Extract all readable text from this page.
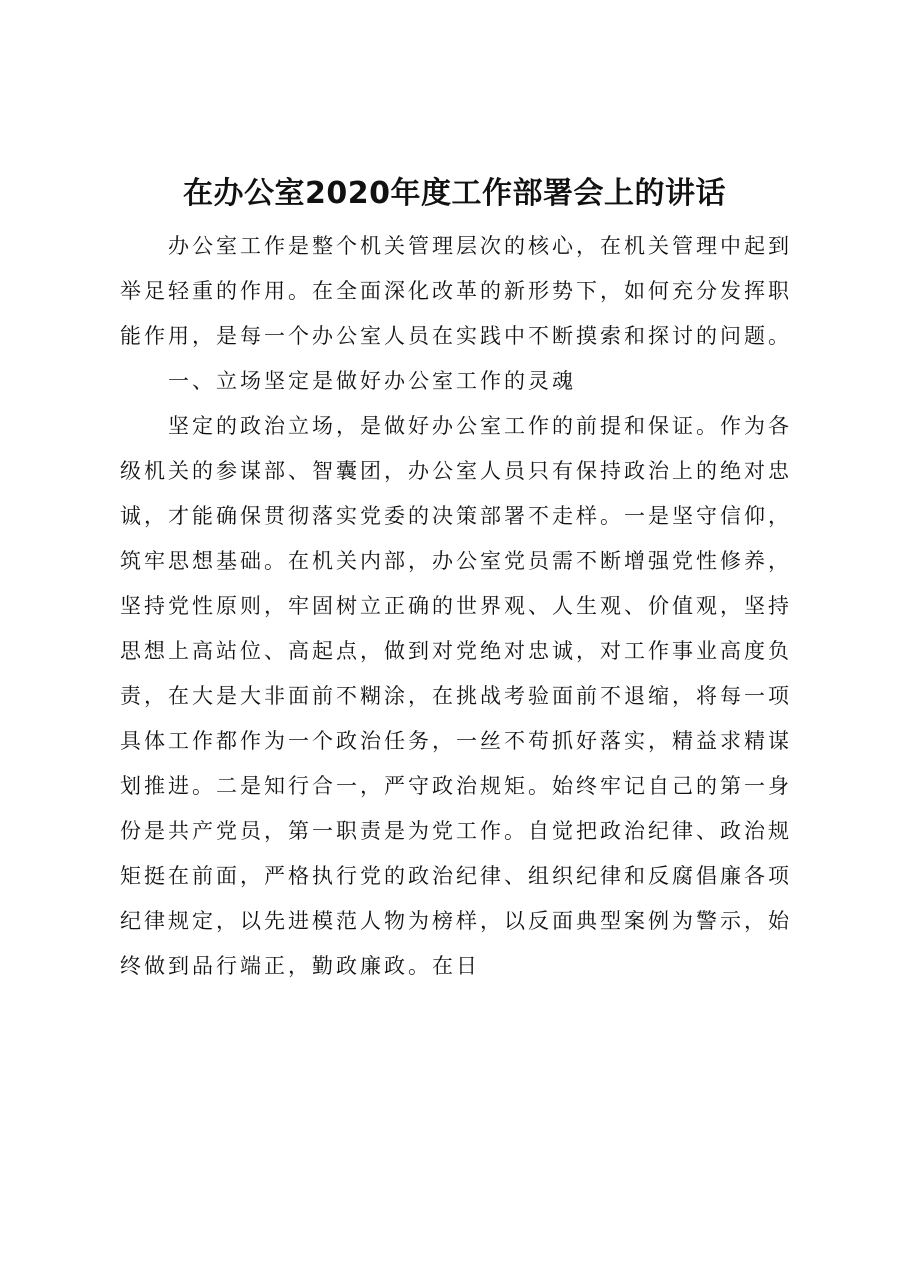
在办公室2020年度工作部署会上的讲话

办公室工作是整个机关管理层次的核心，在机关管理中起到举足轻重的作用。在全面深化改革的新形势下，如何充分发挥职能作用，是每一个办公室人员在实践中不断摸索和探讨的问题。

一、立场坚定是做好办公室工作的灵魂

坚定的政治立场，是做好办公室工作的前提和保证。作为各级机关的参谋部、智囊团，办公室人员只有保持政治上的绝对忠诚，才能确保贯彻落实党委的决策部署不走样。一是坚守信仰，筑牢思想基础。在机关内部，办公室党员需不断增强党性修养，坚持党性原则，牢固树立正确的世界观、人生观、价值观，坚持思想上高站位、高起点，做到对党绝对忠诚，对工作事业高度负责，在大是大非面前不糊涂，在挑战考验面前不退缩，将每一项具体工作都作为一个政治任务，一丝不苟抓好落实，精益求精谋划推进。二是知行合一，严守政治规矩。始终牢记自己的第一身份是共产党员，第一职责是为党工作。自觉把政治纪律、政治规矩挺在前面，严格执行党的政治纪律、组织纪律和反腐倡廉各项纪律规定，以先进模范人物为榜样，以反面典型案例为警示，始终做到品行端正，勤政廉政。在日
